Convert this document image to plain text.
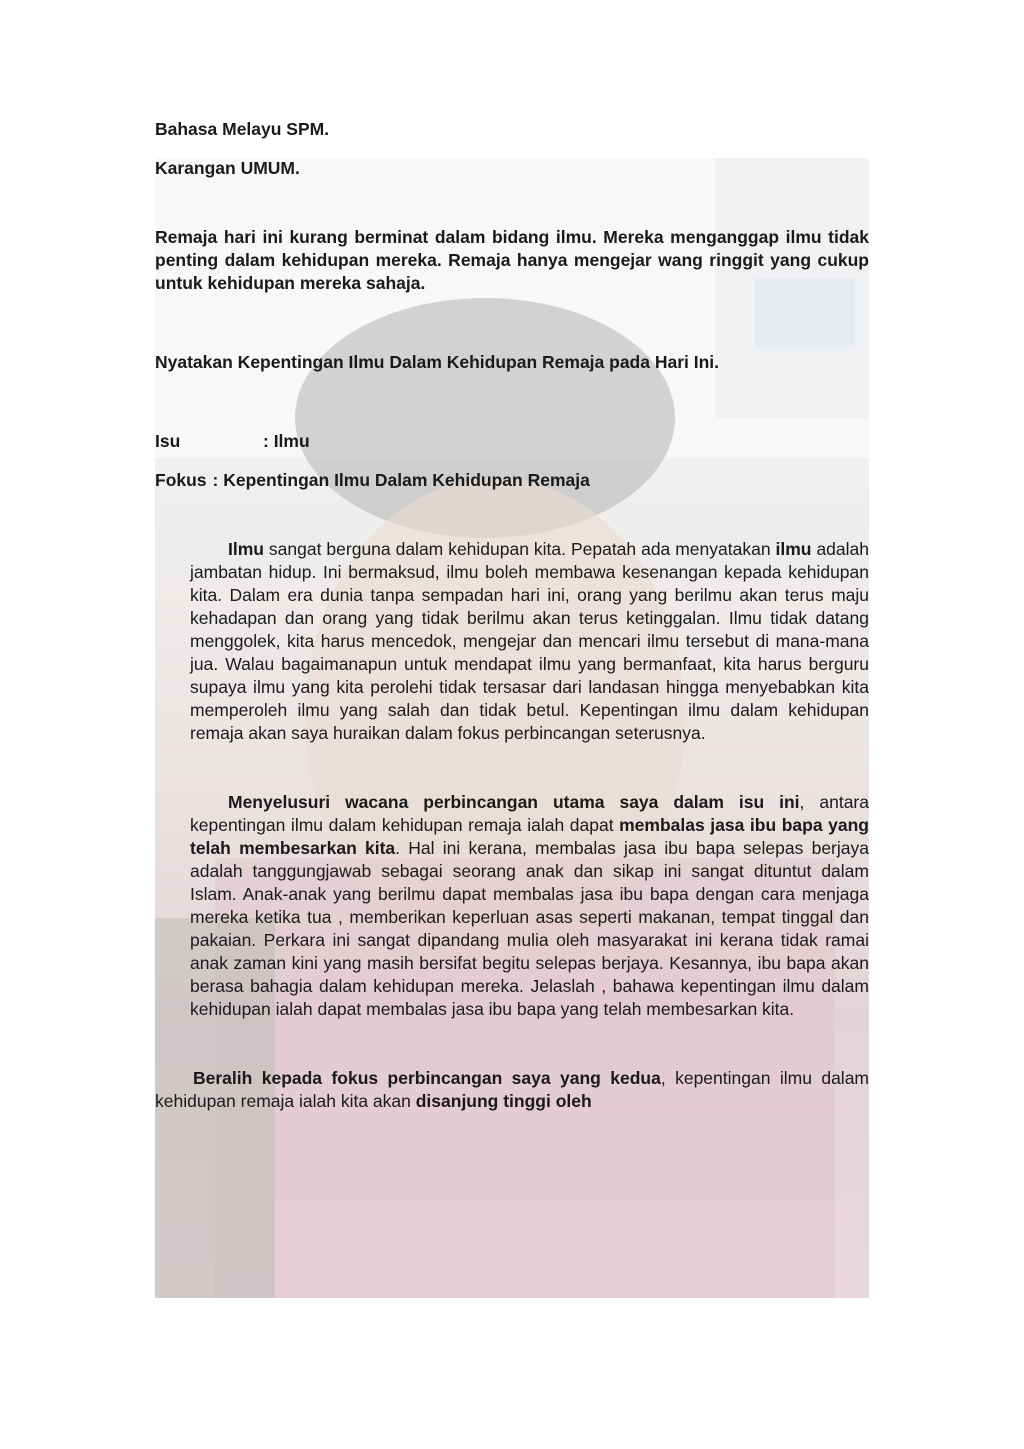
Bahasa Melayu SPM.

Karangan UMUM.

Remaja hari ini kurang berminat dalam bidang ilmu. Mereka menganggap ilmu tidak penting dalam kehidupan mereka. Remaja hanya mengejar wang ringgit yang cukup untuk kehidupan mereka sahaja.

Nyatakan Kepentingan Ilmu Dalam Kehidupan Remaja pada Hari Ini.

Isu	: Ilmu
Fokus : Kepentingan Ilmu Dalam Kehidupan Remaja

Ilmu sangat berguna dalam kehidupan kita. Pepatah ada menyatakan ilmu adalah jambatan hidup. Ini bermaksud, ilmu boleh membawa kesenangan kepada kehidupan kita. Dalam era dunia tanpa sempadan hari ini, orang yang berilmu akan terus maju kehadapan dan orang yang tidak berilmu akan terus ketinggalan. Ilmu tidak datang menggolek, kita harus mencedok, mengejar dan mencari ilmu tersebut di mana-mana jua. Walau bagaimanapun untuk mendapat ilmu yang bermanfaat, kita harus berguru supaya ilmu yang kita perolehi tidak tersasar dari landasan hingga menyebabkan kita memperoleh ilmu yang salah dan tidak betul. Kepentingan ilmu dalam kehidupan remaja akan saya huraikan dalam fokus perbincangan seterusnya.

Menyelusuri wacana perbincangan utama saya dalam isu ini, antara kepentingan ilmu dalam kehidupan remaja ialah dapat membalas jasa ibu bapa yang telah membesarkan kita. Hal ini kerana, membalas jasa ibu bapa selepas berjaya adalah tanggungjawab sebagai seorang anak dan sikap ini sangat dituntut dalam Islam. Anak-anak yang berilmu dapat membalas jasa ibu bapa dengan cara menjaga mereka ketika tua , memberikan keperluan asas seperti makanan, tempat tinggal dan pakaian. Perkara ini sangat dipandang mulia oleh masyarakat ini kerana tidak ramai anak zaman kini yang masih bersifat begitu selepas berjaya. Kesannya, ibu bapa akan berasa bahagia dalam kehidupan mereka. Jelaslah , bahawa kepentingan ilmu dalam kehidupan ialah dapat membalas jasa ibu bapa yang telah membesarkan kita.

Beralih kepada fokus perbincangan saya yang kedua, kepentingan ilmu dalam kehidupan remaja ialah kita akan disanjung tinggi oleh
